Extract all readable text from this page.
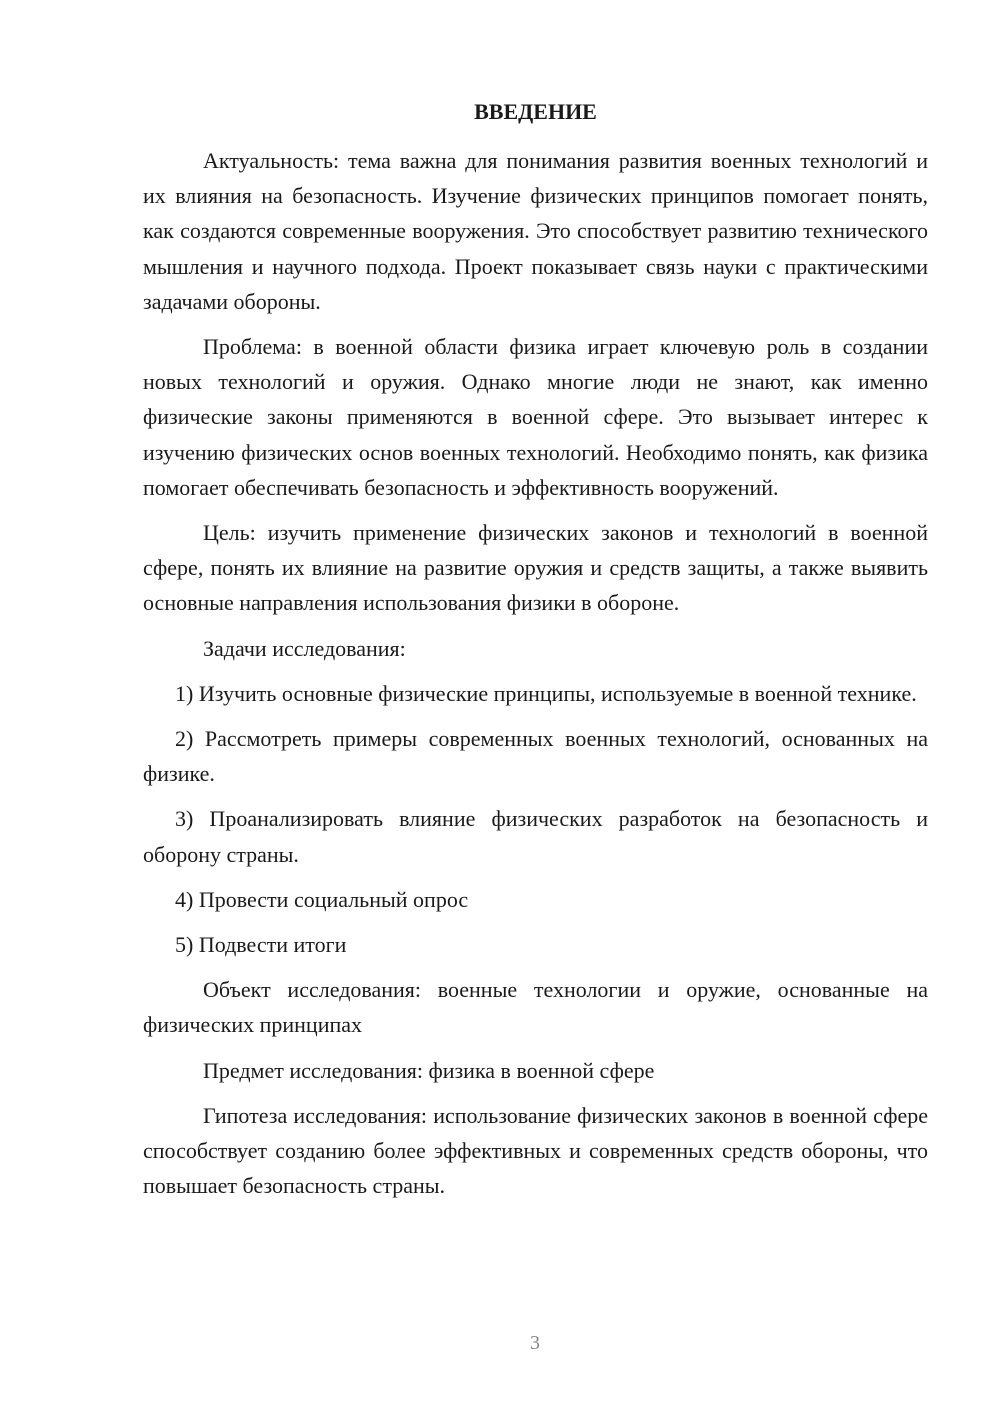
ВВЕДЕНИЕ

Актуальность: тема важна для понимания развития военных технологий и их влияния на безопасность. Изучение физических принципов помогает понять, как создаются современные вооружения. Это способствует развитию технического мышления и научного подхода. Проект показывает связь науки с практическими задачами обороны.

Проблема: в военной области физика играет ключевую роль в создании новых технологий и оружия. Однако многие люди не знают, как именно физические законы применяются в военной сфере. Это вызывает интерес к изучению физических основ военных технологий. Необходимо понять, как физика помогает обеспечивать безопасность и эффективность вооружений.

Цель: изучить применение физических законов и технологий в военной сфере, понять их влияние на развитие оружия и средств защиты, а также выявить основные направления использования физики в обороне.

Задачи исследования:

1) Изучить основные физические принципы, используемые в военной технике.

2) Рассмотреть примеры современных военных технологий, основанных на физике.

3) Проанализировать влияние физических разработок на безопасность и оборону страны.

4) Провести социальный опрос

5) Подвести итоги

Объект исследования: военные технологии и оружие, основанные на физических принципах

Предмет исследования: физика в военной сфере

Гипотеза исследования: использование физических законов в военной сфере способствует созданию более эффективных и современных средств обороны, что повышает безопасность страны.

3
